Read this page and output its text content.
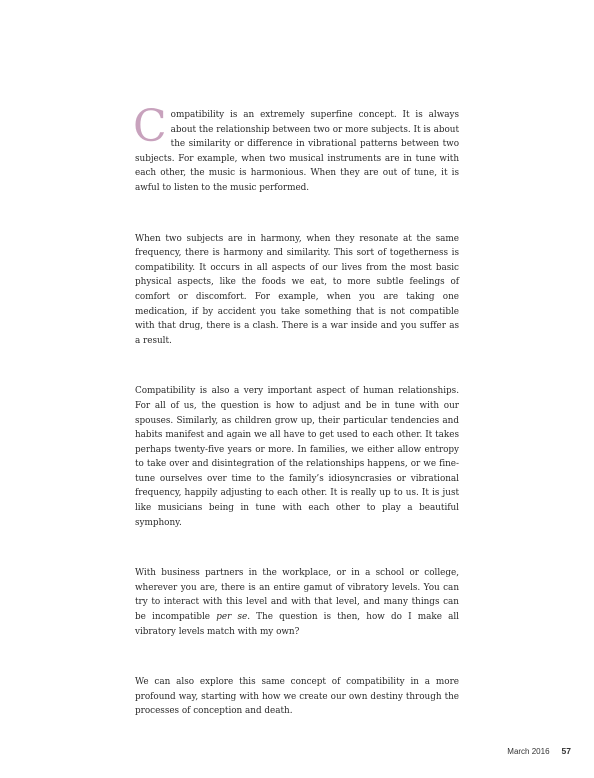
Compatibility is an extremely superfine concept. It is always about the relationship between two or more subjects. It is about the similarity or difference in vibrational patterns between two subjects. For example, when two musical instruments are in tune with each other, the music is harmonious. When they are out of tune, it is awful to listen to the music performed.

When two subjects are in harmony, when they resonate at the same frequency, there is harmony and similarity. This sort of togetherness is compatibility. It occurs in all aspects of our lives from the most basic physical aspects, like the foods we eat, to more subtle feelings of comfort or discomfort. For example, when you are taking one medication, if by accident you take something that is not compatible with that drug, there is a clash. There is a war inside and you suffer as a result.

Compatibility is also a very important aspect of human relationships. For all of us, the question is how to adjust and be in tune with our spouses. Similarly, as children grow up, their particular tendencies and habits manifest and again we all have to get used to each other. It takes perhaps twenty-five years or more. In families, we either allow entropy to take over and disintegration of the relationships happens, or we fine-tune ourselves over time to the family’s idiosyncrasies or vibrational frequency, happily adjusting to each other. It is really up to us. It is just like musicians being in tune with each other to play a beautiful symphony.

With business partners in the workplace, or in a school or college, wherever you are, there is an entire gamut of vibratory levels. You can try to interact with this level and with that level, and many things can be incompatible per se. The question is then, how do I make all vibratory levels match with my own?

We can also explore this same concept of compatibility in a more profound way, starting with how we create our own destiny through the processes of conception and death.

March 2016 57
